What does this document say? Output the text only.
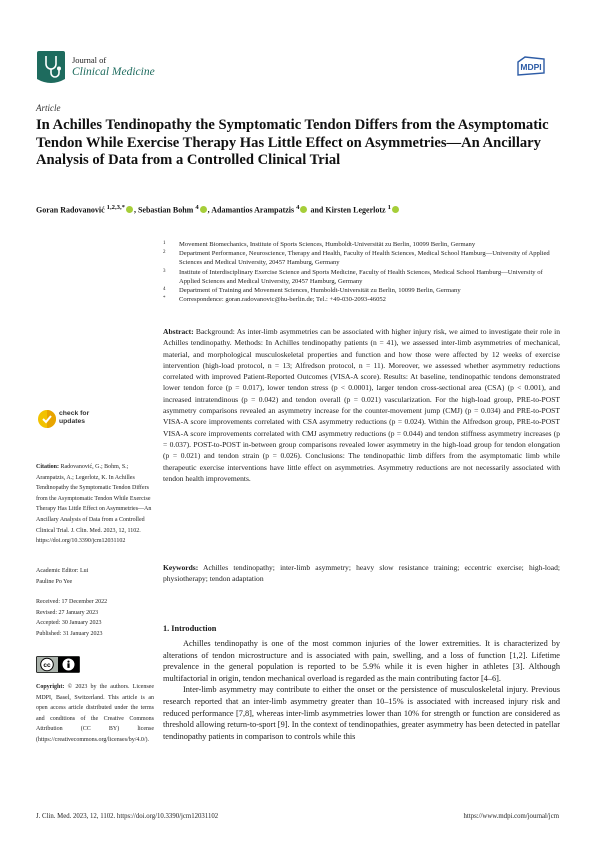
Journal of
Clinical Medicine	MDPI
Article
In Achilles Tendinopathy the Symptomatic Tendon Differs from the Asymptomatic Tendon While Exercise Therapy Has Little Effect on Asymmetries—An Ancillary Analysis of Data from a Controlled Clinical Trial
Goran Radovanović $^{1,2,3,*}$ , Sebastian Bohm $^4$ , Adamantios Arampatzis $^4$ and Kirsten Legerlotz $^1$
1 Movement Biomechanics, Institute of Sports Sciences, Humboldt-Universität zu Berlin, 10099 Berlin, Germany
2 Department Performance, Neuroscience, Therapy and Health, Faculty of Health Sciences, Medical School Hamburg—University of Applied Sciences and Medical University, 20457 Hamburg, Germany
3 Institute of Interdisciplinary Exercise Science and Sports Medicine, Faculty of Health Sciences, Medical School Hamburg—University of Applied Sciences and Medical University, 20457 Hamburg, Germany
4 Department of Training and Movement Sciences, Humboldt-Universität zu Berlin, 10099 Berlin, Germany
* Correspondence: goran.radovanovic@hu-berlin.de; Tel.: +49-030-2093-46052
Abstract: Background: As inter-limb asymmetries can be associated with higher injury risk, we aimed to investigate their role in Achilles tendinopathy. Methods: In Achilles tendinopathy patients (n = 41), we assessed inter-limb asymmetries of mechanical, material, and morphological musculoskeletal properties and function and how those were affected by 12 weeks of exercise intervention (high-load protocol, n = 13; Alfredson protocol, n = 11). Moreover, we assessed whether asymmetry reductions correlated with improved Patient-Reported Outcomes (VISA-A score). Results: At baseline, tendinopathic tendons demonstrated lower tendon force (p = 0.017), lower tendon stress (p < 0.0001), larger tendon cross-sectional area (CSA) (p < 0.001), and increased intratendinous (p = 0.042) and tendon overall (p = 0.021) vascularization. For the high-load group, PRE-to-POST asymmetry comparisons revealed an asymmetry increase for the counter-movement jump (CMJ) (p = 0.034) and PRE-to-POST VISA-A score improvements correlated with CSA asymmetry reductions (p = 0.024). Within the Alfredson group, PRE-to-POST VISA-A score improvements correlated with CMJ asymmetry reductions (p = 0.044) and tendon stiffness asymmetry increases (p = 0.037). POST-to-POST in-between group comparisons revealed lower asymmetry in the high-load group for tendon elongation (p = 0.021) and tendon strain (p = 0.026). Conclusions: The tendinopathic limb differs from the asymptomatic limb while therapeutic exercise interventions have little effect on asymmetries. Asymmetry reductions are not necessarily associated with tendon health improvements.
Keywords: Achilles tendinopathy; inter-limb asymmetry; heavy slow resistance training; eccentric exercise; high-load; physiotherapy; tendon adaptation
check for
updates
Citation: Radovanović, G.; Bohm, S.; Arampatzis, A.; Legerlotz, K. In Achilles Tendinopathy the Symptomatic Tendon Differs from the Asymptomatic Tendon While Exercise Therapy Has Little Effect on Asymmetries—An Ancillary Analysis of Data from a Controlled Clinical Trial. J. Clin. Med. 2023, 12, 1102. https://doi.org/10.3390/jcm12031102
Academic Editor: Lui
Pauline Po Yee
Received: 17 December 2022
Revised: 27 January 2023
Accepted: 30 January 2023
Published: 31 January 2023
cc
Copyright: © 2023 by the authors. Licensee MDPI, Basel, Switzerland. This article is an open access article distributed under the terms and conditions of the Creative Commons Attribution (CC BY) license (https://creativecommons.org/licenses/by/4.0/).
1. Introduction

Achilles tendinopathy is one of the most common injuries of the lower extremities. It is characterized by alterations of tendon microstructure and is associated with pain, swelling, and a loss of function [1,2]. Lifetime prevalence in the general population is reported to be 5.9% while it is even higher in athletes [3]. Although multifactorial in origin, tendon mechanical overload is regarded as the main contributing factor [4–6].

Inter-limb asymmetry may contribute to either the onset or the persistence of musculoskeletal injury. Previous research reported that an inter-limb asymmetry greater than 10–15% is associated with increased injury risk and reduced performance [7,8], whereas inter-limb asymmetries lower than 10% for strength or function are considered as threshold allowing return-to-sport [9]. In the context of tendinopathies, greater asymmetry has been detected in patellar tendinopathy patients in comparison to controls while this

J. Clin. Med. 2023, 12, 1102. https://doi.org/10.3390/jcm12031102	https://www.mdpi.com/journal/jcm
